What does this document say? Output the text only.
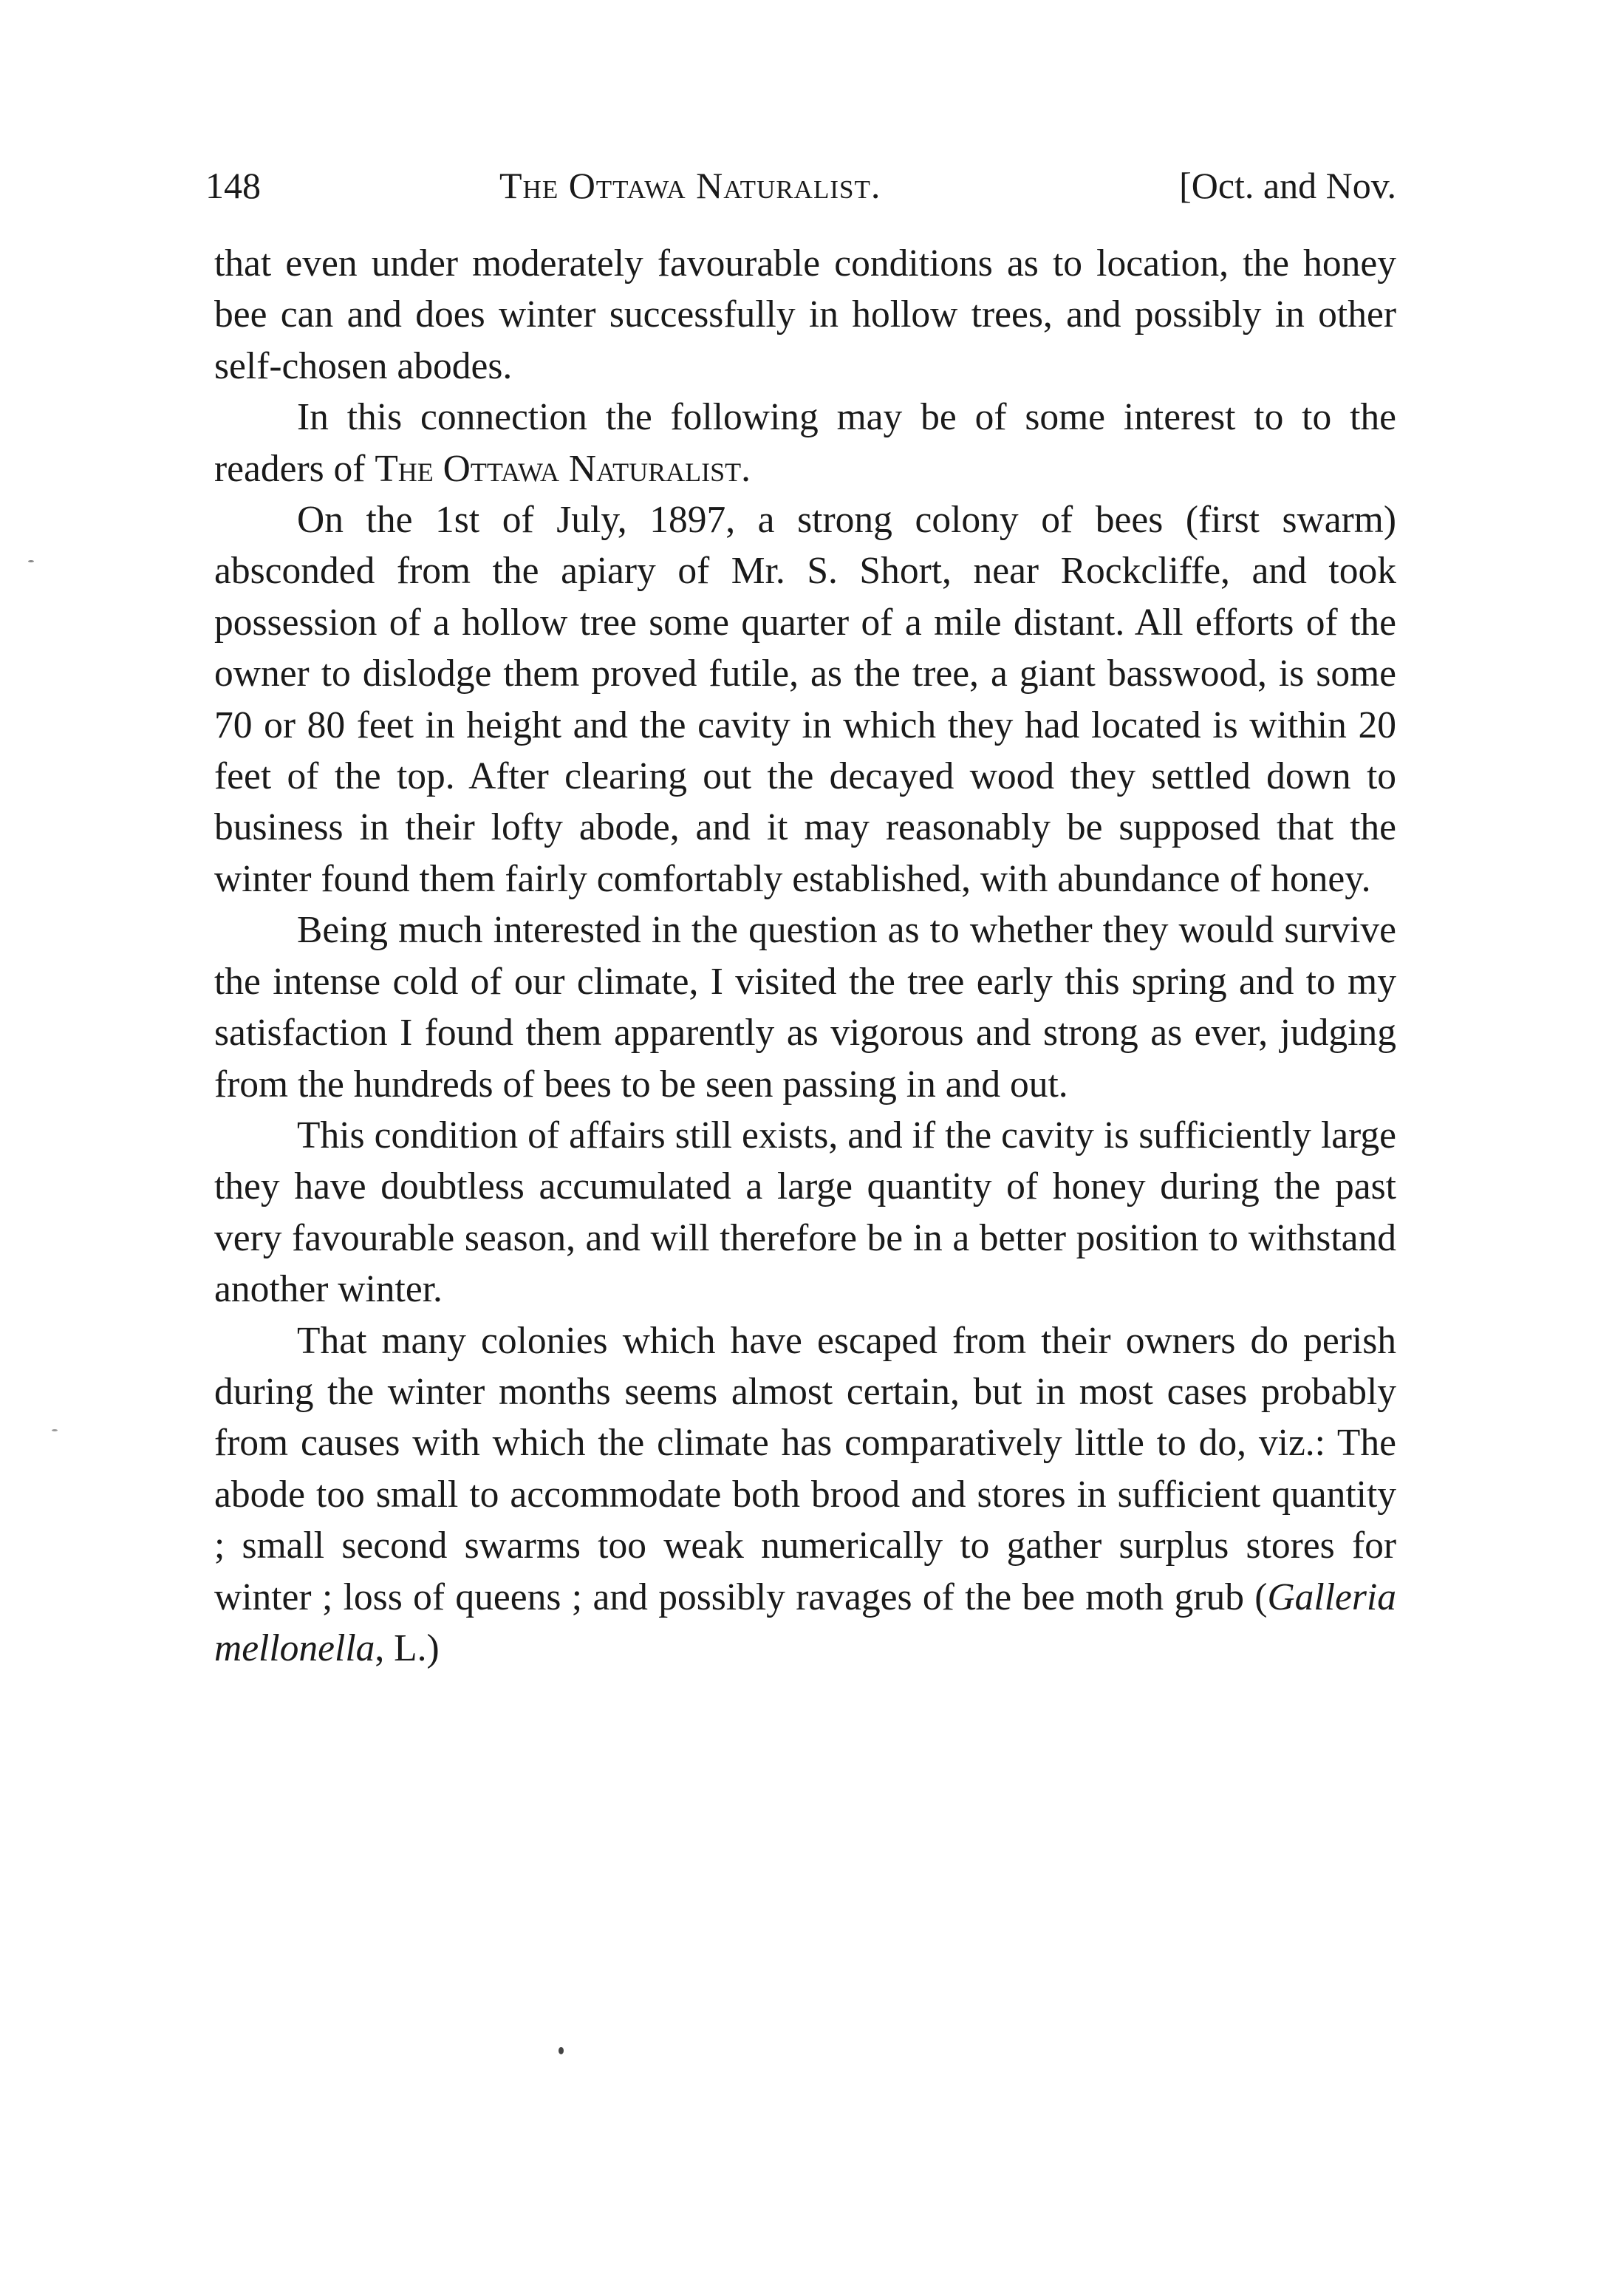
148	The Ottawa Naturalist.	[Oct. and Nov.

that even under moderately favourable conditions as to location, the honey bee can and does winter successfully in hollow trees, and possibly in other self-chosen abodes.

In this connection the following may be of some interest to to the readers of The Ottawa Naturalist.

On the 1st of July, 1897, a strong colony of bees (first swarm) absconded from the apiary of Mr. S. Short, near Rockcliffe, and took possession of a hollow tree some quarter of a mile distant. All efforts of the owner to dislodge them proved futile, as the tree, a giant basswood, is some 70 or 80 feet in height and the cavity in which they had located is within 20 feet of the top. After clearing out the decayed wood they settled down to business in their lofty abode, and it may reasonably be supposed that the winter found them fairly comfortably established, with abundance of honey.

Being much interested in the question as to whether they would survive the intense cold of our climate, I visited the tree early this spring and to my satisfaction I found them apparently as vigorous and strong as ever, judging from the hundreds of bees to be seen passing in and out.

This condition of affairs still exists, and if the cavity is sufficiently large they have doubtless accumulated a large quantity of honey during the past very favourable season, and will therefore be in a better position to withstand another winter.

That many colonies which have escaped from their owners do perish during the winter months seems almost certain, but in most cases probably from causes with which the climate has comparatively little to do, viz.: The abode too small to accommodate both brood and stores in sufficient quantity ; small second swarms too weak numerically to gather surplus stores for winter ; loss of queens ; and possibly ravages of the bee moth grub (Galleria mellonella, L.)
